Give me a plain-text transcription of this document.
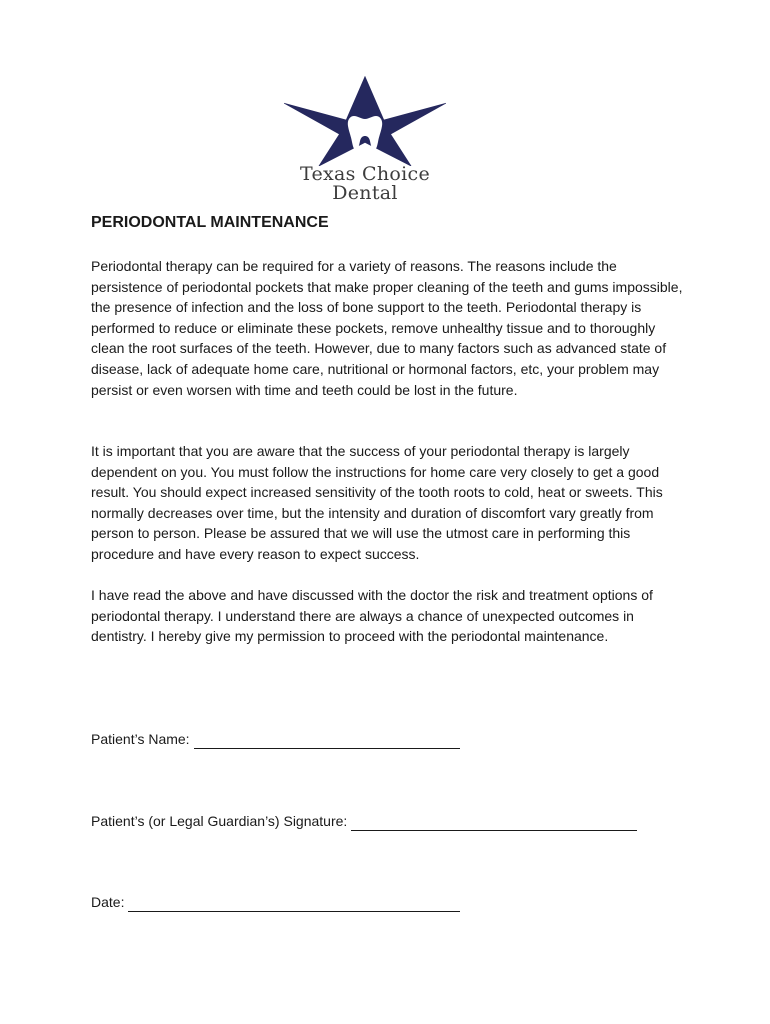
Texas Choice
Dental
PERIODONTAL MAINTENANCE

Periodontal therapy can be required for a variety of reasons. The reasons include the persistence of periodontal pockets that make proper cleaning of the teeth and gums impossible, the presence of infection and the loss of bone support to the teeth. Periodontal therapy is performed to reduce or eliminate these pockets, remove unhealthy tissue and to thoroughly clean the root surfaces of the teeth. However, due to many factors such as advanced state of disease, lack of adequate home care, nutritional or hormonal factors, etc, your problem may persist or even worsen with time and teeth could be lost in the future.

It is important that you are aware that the success of your periodontal therapy is largely dependent on you. You must follow the instructions for home care very closely to get a good result. You should expect increased sensitivity of the tooth roots to cold, heat or sweets. This normally decreases over time, but the intensity and duration of discomfort vary greatly from person to person. Please be assured that we will use the utmost care in performing this procedure and have every reason to expect success.

I have read the above and have discussed with the doctor the risk and treatment options of periodontal therapy. I understand there are always a chance of unexpected outcomes in dentistry. I hereby give my permission to proceed with the periodontal maintenance.

Patient’s Name:
Patient’s (or Legal Guardian’s) Signature:
Date:
